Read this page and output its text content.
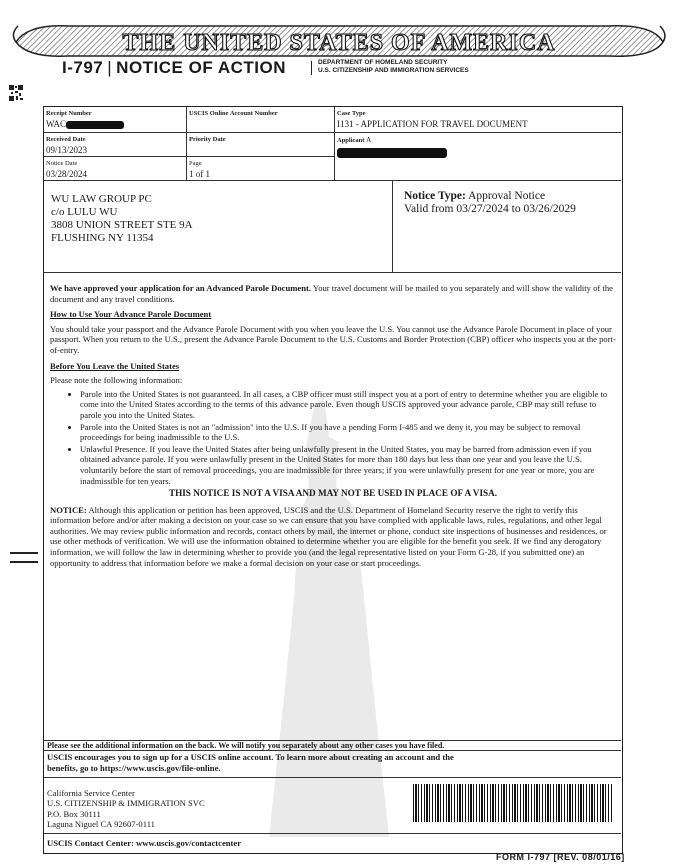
THE UNITED STATES OF AMERICA
I-797 | NOTICE OF ACTION	DEPARTMENT OF HOMELAND SECURITY
U.S. CITIZENSHIP AND IMMIGRATION SERVICES
Receipt Number
WAC
USCIS Online Account Number	Case Type
I131 - APPLICATION FOR TRAVEL DOCUMENT
Received Date
09/13/2023
Priority Date	Applicant A
Notice Date
03/28/2024
Page
1 of 1
WU LAW GROUP PC
c/o LULU WU
3808 UNION STREET STE 9A
FLUSHING NY 11354
Notice Type: Approval Notice
Valid from 03/27/2024 to 03/26/2029

We have approved your application for an Advanced Parole Document. Your travel document will be mailed to you separately and will show the validity of the document and any travel conditions.

How to Use Your Advance Parole Document

You should take your passport and the Advance Parole Document with you when you leave the U.S. You cannot use the Advance Parole Document in place of your passport. When you return to the U.S., present the Advance Parole Document to the U.S. Customs and Border Protection (CBP) officer who inspects you at the port-of-entry.

Before You Leave the United States

Please note the following information:

• Parole into the United States is not guaranteed. In all cases, a CBP officer must still inspect you at a port of entry to determine whether you are eligible to come into the United States according to the terms of this advance parole. Even though USCIS approved your advance parole, CBP may still refuse to parole you into the United States.
• Parole into the United States is not an "admission" into the U.S. If you have a pending Form I-485 and we deny it, you may be subject to removal proceedings for being inadmissible to the U.S.
• Unlawful Presence. If you leave the United States after being unlawfully present in the United States, you may be barred from admission even if you obtained advance parole. If you were unlawfully present in the United States for more than 180 days but less than one year and you leave the U.S. voluntarily before the start of removal proceedings, you are inadmissible for three years; if you were unlawfully present for one year or more, you are inadmissible for ten years.
THIS NOTICE IS NOT A VISA AND MAY NOT BE USED IN PLACE OF A VISA.

NOTICE: Although this application or petition has been approved, USCIS and the U.S. Department of Homeland Security reserve the right to verify this information before and/or after making a decision on your case so we can ensure that you have complied with applicable laws, rules, regulations, and other legal authorities. We may review public information and records, contact others by mail, the internet or phone, conduct site inspections of businesses and residences, or use other methods of verification. We will use the information obtained to determine whether you are eligible for the benefit you seek. If we find any derogatory information, we will follow the law in determining whether to provide you (and the legal representative listed on your Form G-28, if you submitted one) an opportunity to address that information before we make a formal decision on your case or start proceedings.

Please see the additional information on the back. We will notify you separately about any other cases you have filed.
USCIS encourages you to sign up for a USCIS online account. To learn more about creating an account and the benefits, go to https://www.uscis.gov/file-online.
California Service Center
U.S. CITIZENSHIP & IMMIGRATION SVC
P.O. Box 30111
Laguna Niguel CA 92607-0111
USCIS Contact Center: www.uscis.gov/contactcenter
FORM I-797 [REV. 08/01/16]
